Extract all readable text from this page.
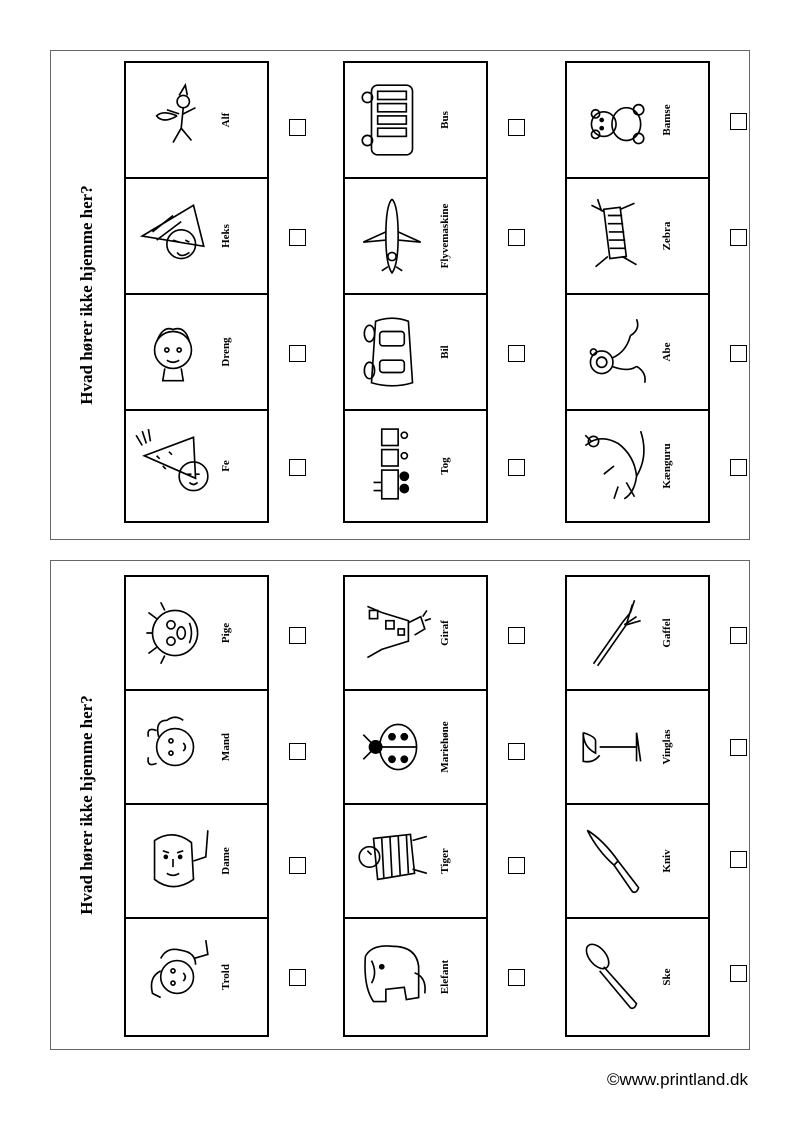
Hvad hører ikke hjemme her?
Alf
Heks
Dreng
Fe
Bus
Flyvemaskine
Bil
Tog
Bamse
Zebra
Abe
Kænguru
Hvad hører ikke hjemme her?
Pige
Mand
Dame
Trold
Giraf
Mariehøne
Tiger
Elefant
Gaffel
Vinglas
Kniv
Ske
©www.printland.dk
